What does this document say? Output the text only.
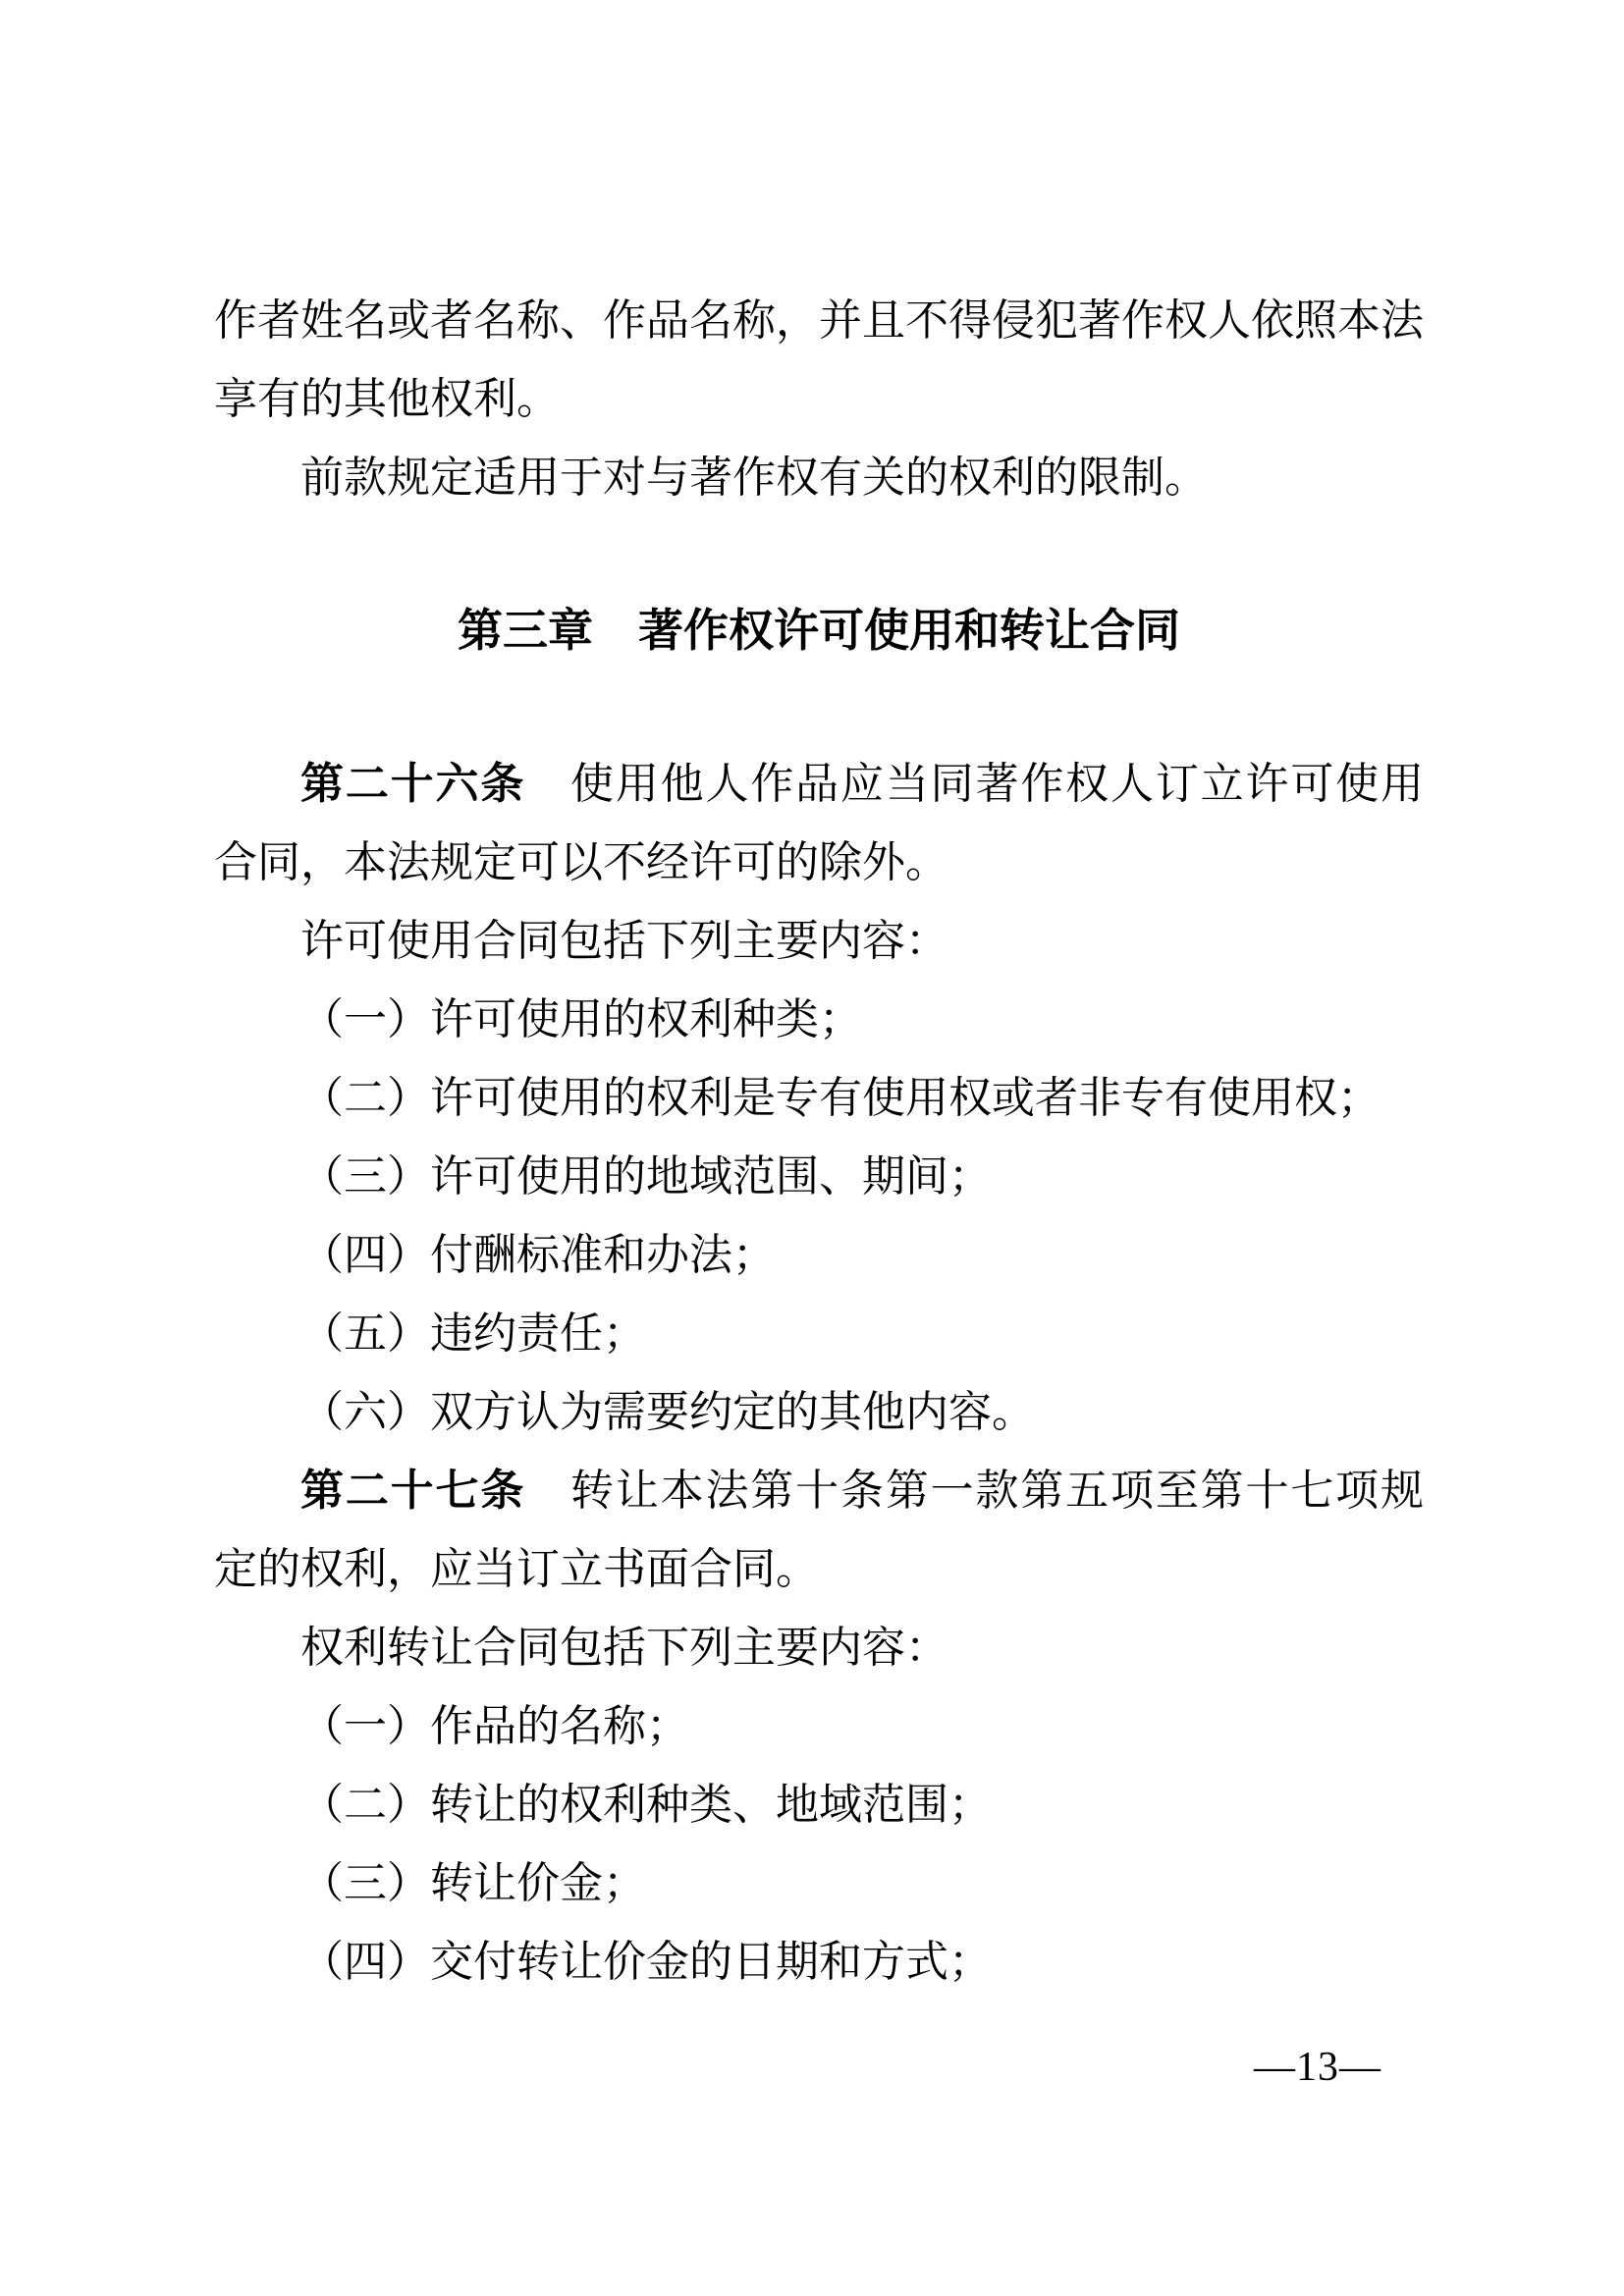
作者姓名或者名称、作品名称，并且不得侵犯著作权人依照本法
享有的其他权利。
前款规定适用于对与著作权有关的权利的限制。
第三章　著作权许可使用和转让合同
第二十六条　使用他人作品应当同著作权人订立许可使用
合同，本法规定可以不经许可的除外。
许可使用合同包括下列主要内容：
（一）许可使用的权利种类；
（二）许可使用的权利是专有使用权或者非专有使用权；
（三）许可使用的地域范围、期间；
（四）付酬标准和办法；
（五）违约责任；
（六）双方认为需要约定的其他内容。
第二十七条　转让本法第十条第一款第五项至第十七项规
定的权利，应当订立书面合同。
权利转让合同包括下列主要内容：
（一）作品的名称；
（二）转让的权利种类、地域范围；
（三）转让价金；
（四）交付转让价金的日期和方式；
—13—
